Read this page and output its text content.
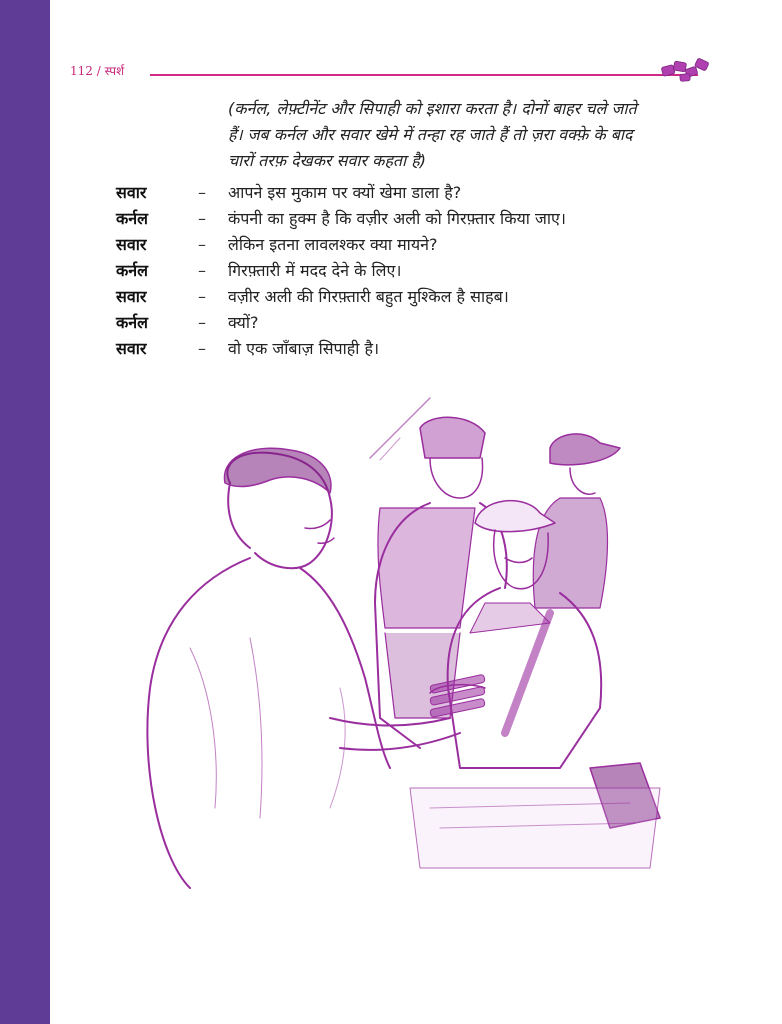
112 / स्पर्श
(कर्नल, लेफ़्टीनेंट और सिपाही को इशारा करता है। दोनों बाहर चले जाते
हैं। जब कर्नल और सवार खेमे में तन्हा रह जाते हैं तो ज़रा वक्फ़े के बाद
चारों तरफ़ देखकर सवार कहता है)
सवार	– आपने इस मुकाम पर क्यों खेमा डाला है?
कर्नल	– कंपनी का हुक्म है कि वज़ीर अली को गिरफ़्तार किया जाए।
सवार	– लेकिन इतना लावलश्कर क्या मायने?
कर्नल	– गिरफ़्तारी में मदद देने के लिए।
सवार	– वज़ीर अली की गिरफ़्तारी बहुत मुश्किल है साहब।
कर्नल	– क्यों?
सवार	– वो एक जाँबाज़ सिपाही है।
